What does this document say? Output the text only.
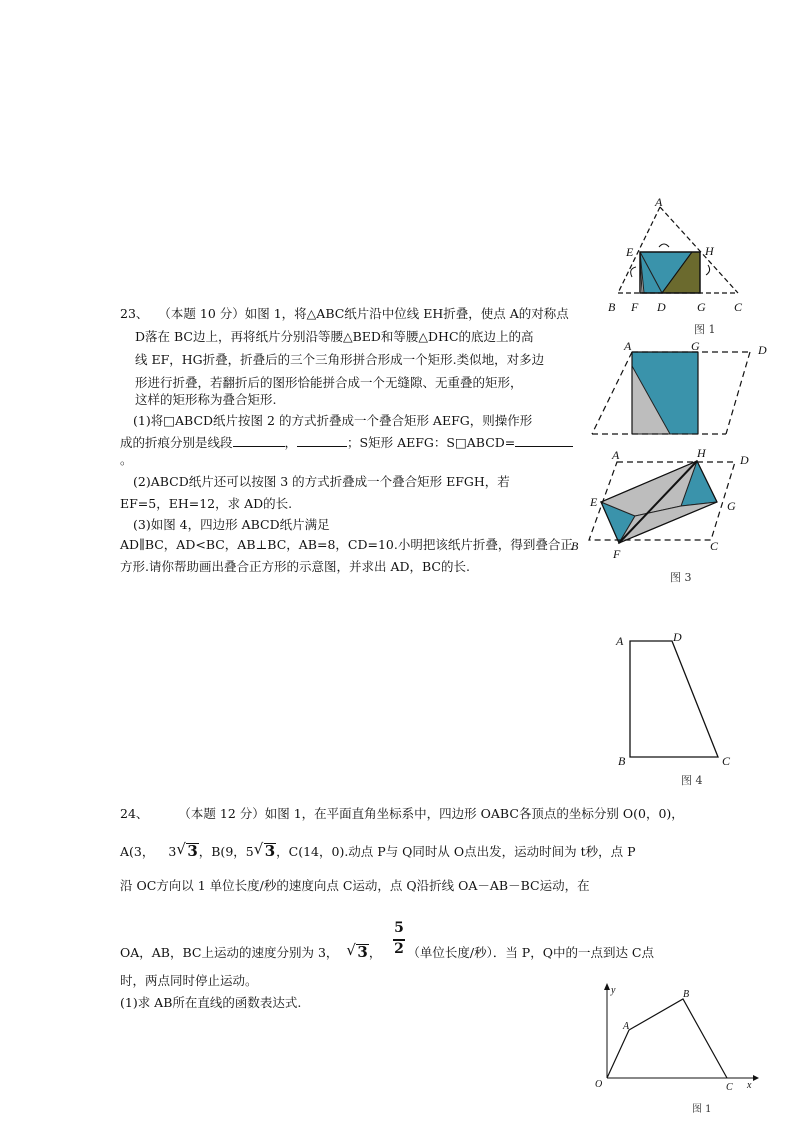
23、 （本题 10 分）如图 1，将△ABC纸片沿中位线 EH折叠，使点 A的对称点
D落在 BC边上，再将纸片分别沿等腰△BED和等腰△DHC的底边上的高
线 EF，HG折叠，折叠后的三个三角形拼合形成一个矩形.类似地，对多边
形进行折叠，若翻折后的图形恰能拼合成一个无缝隙、无重叠的矩形，
这样的矩形称为叠合矩形.
(1)将□ABCD纸片按图 2 的方式折叠成一个叠合矩形 AEFG，则操作形
成的折痕分别是线段	，	；S矩形 AEFG：S□ABCD=
。
(2)ABCD纸片还可以按图 3 的方式折叠成一个叠合矩形 EFGH，若
EF=5，EH=12，求 AD的长.
(3)如图 4，四边形 ABCD纸片满足
AD∥BC，AD<BC，AB⊥BC，AB=8，CD=10.小明把该纸片折叠，得到叠合正
方形.请你帮助画出叠合正方形的示意图，并求出 AD，BC的长.
A
E	H
B F D	G C
图 1
A	G	D
A	H	D
E	G
B
F
C
图 3
A	D
B	C
图 4
24、 （本题 12 分）如图 1，在平面直角坐标系中，四边形 OABC各顶点的坐标分别 O(0，0)，
A(3， 3 √ 3，B(9，5 √ 3，C(14，0).动点 P与 Q同时从 O点出发，运动时间为 t秒，点 P
沿 OC方向以 1 单位长度/秒的速度向点 C运动，点 Q沿折线 OA－AB－BC运动，在
OA，AB，BC上运动的速度分别为 3， √ 3， （单位长度/秒）．当 P，Q中的一点到达 C点
5
2
时，两点同时停止运动。
(1)求 AB所在直线的函数表达式.
y
A
B
O	C x
图 1
